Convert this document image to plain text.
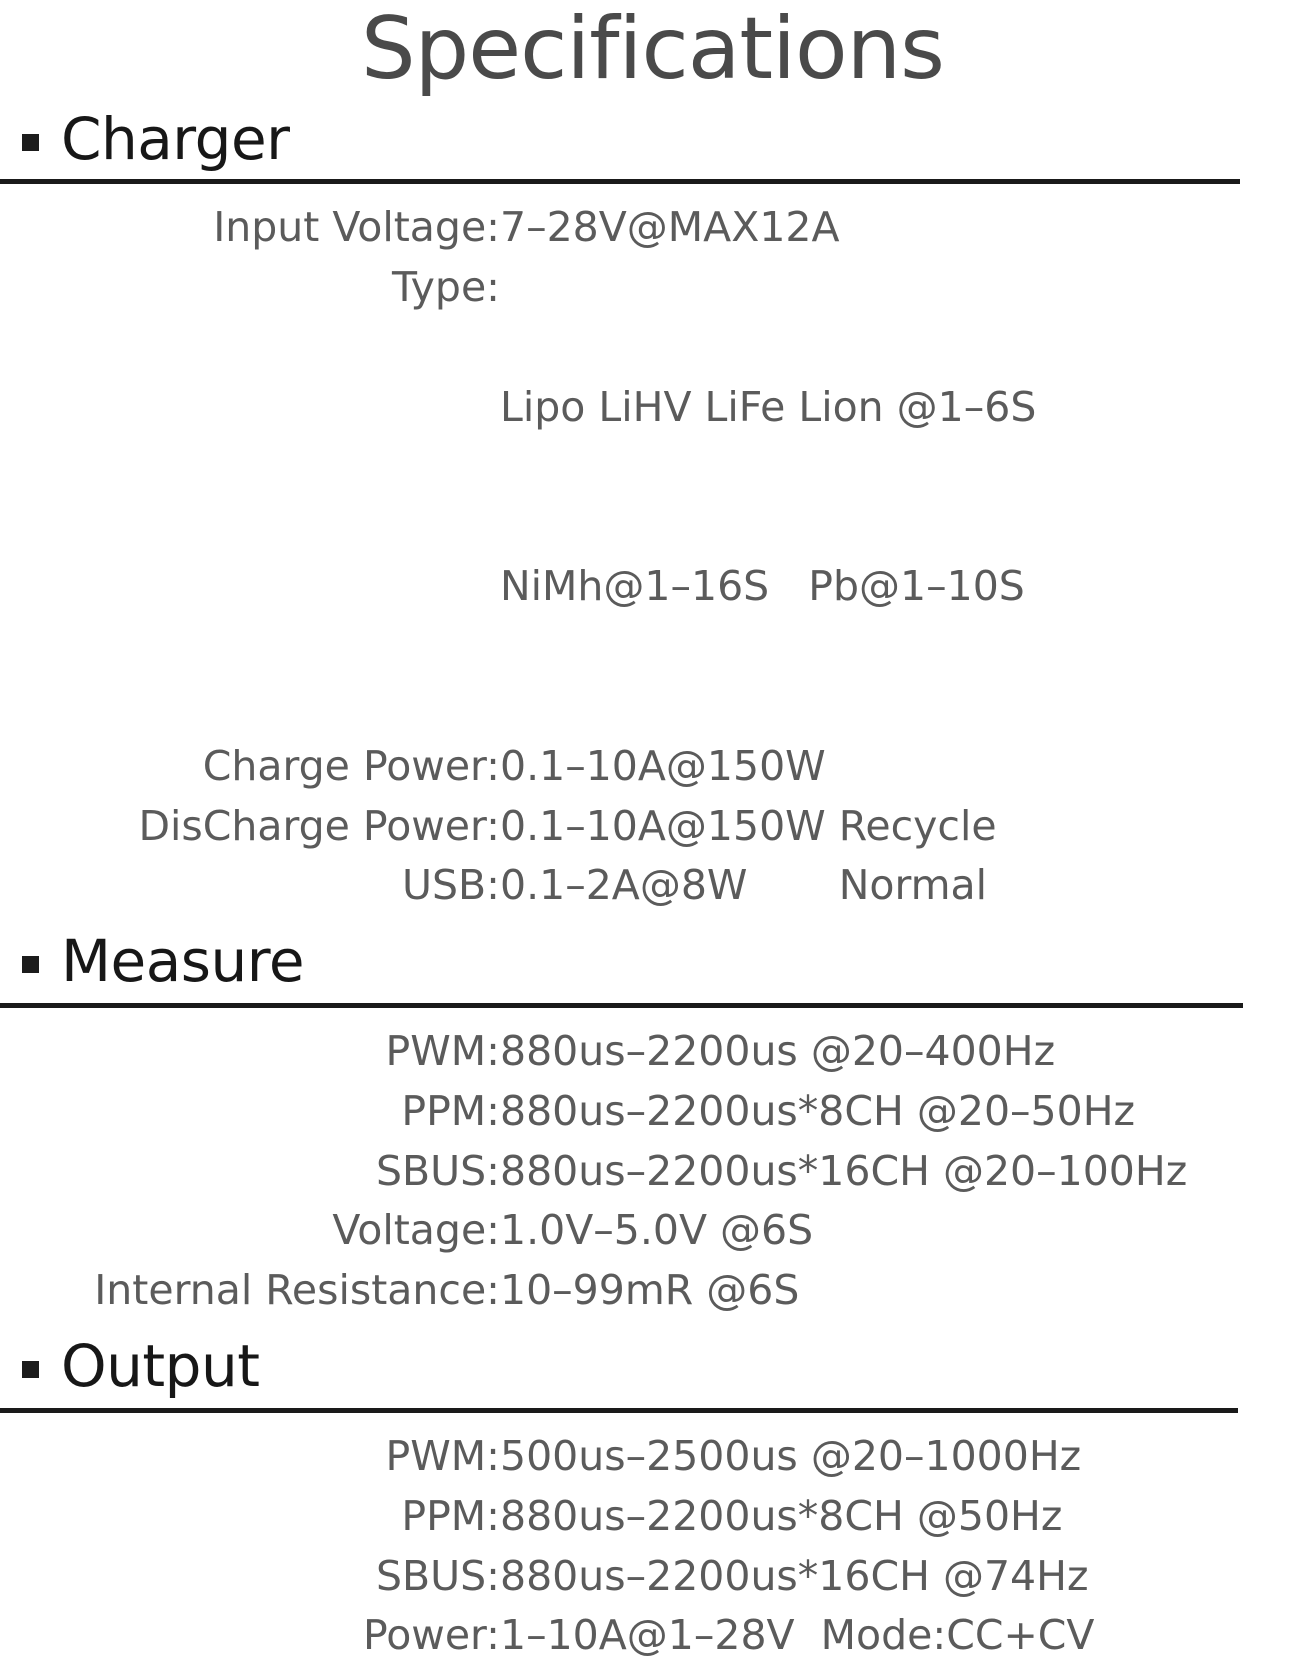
Specifications
Charger
Input Voltage:	7–28V@MAX12A
Type:	Lipo LiHV LiFe Lion @1–6S

NiMh@1–16S   Pb@1–10S

Charge Power:	0.1–10A@150W
DisCharge Power:	0.1–10A@150W Recycle
USB:	0.1–2A@8W       Normal
Measure
PWM:	880us–2200us @20–400Hz
PPM:	880us–2200us*8CH @20–50Hz
SBUS:	880us–2200us*16CH @20–100Hz
Voltage:	1.0V–5.0V @6S
Internal Resistance:	10–99mR @6S
Output
PWM:	500us–2500us @20–1000Hz
PPM:	880us–2200us*8CH @50Hz
SBUS:	880us–2200us*16CH @74Hz
Power:	1–10A@1–28V  Mode:CC+CV
